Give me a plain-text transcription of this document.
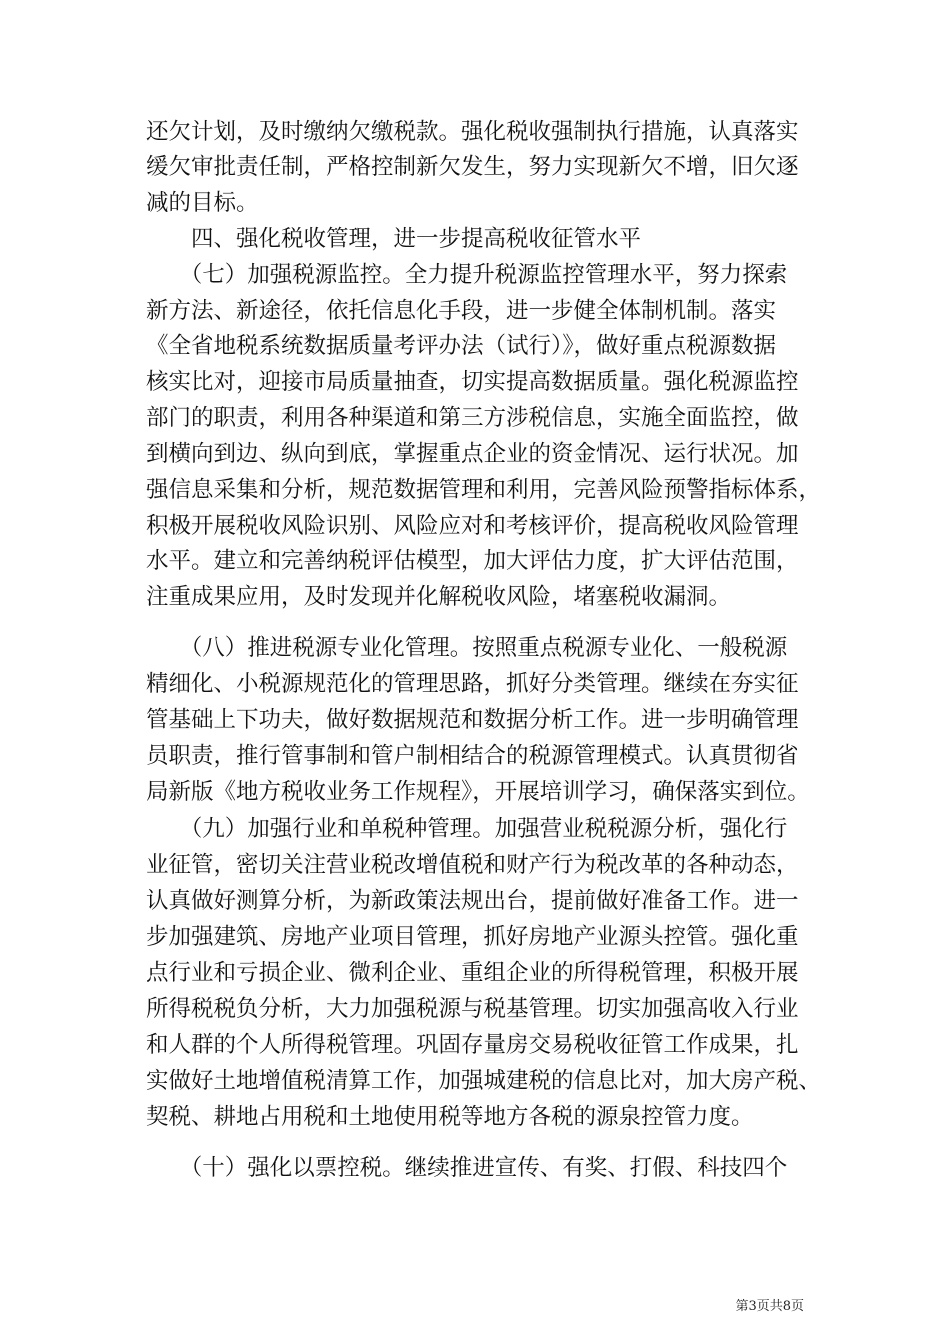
还欠计划，及时缴纳欠缴税款。强化税收强制执行措施，认真落实

缓欠审批责任制，严格控制新欠发生，努力实现新欠不增，旧欠逐

减的目标。

　　四、强化税收管理，进一步提高税收征管水平

　　（七）加强税源监控。全力提升税源监控管理水平，努力探索

新方法、新途径，依托信息化手段，进一步健全体制机制。落实

《全省地税系统数据质量考评办法（试行）》，做好重点税源数据

核实比对，迎接市局质量抽查，切实提高数据质量。强化税源监控

部门的职责，利用各种渠道和第三方涉税信息，实施全面监控，做

到横向到边、纵向到底，掌握重点企业的资金情况、运行状况。加

强信息采集和分析，规范数据管理和利用，完善风险预警指标体系，

积极开展税收风险识别、风险应对和考核评价，提高税收风险管理

水平。建立和完善纳税评估模型，加大评估力度，扩大评估范围，

注重成果应用，及时发现并化解税收风险，堵塞税收漏洞。

　　（八）推进税源专业化管理。按照重点税源专业化、一般税源

精细化、小税源规范化的管理思路，抓好分类管理。继续在夯实征

管基础上下功夫，做好数据规范和数据分析工作。进一步明确管理

员职责，推行管事制和管户制相结合的税源管理模式。认真贯彻省

局新版《地方税收业务工作规程》，开展培训学习，确保落实到位。

　　（九）加强行业和单税种管理。加强营业税税源分析，强化行

业征管，密切关注营业税改增值税和财产行为税改革的各种动态，

认真做好测算分析，为新政策法规出台，提前做好准备工作。进一

步加强建筑、房地产业项目管理，抓好房地产业源头控管。强化重

点行业和亏损企业、微利企业、重组企业的所得税管理，积极开展

所得税税负分析，大力加强税源与税基管理。切实加强高收入行业

和人群的个人所得税管理。巩固存量房交易税收征管工作成果，扎

实做好土地增值税清算工作，加强城建税的信息比对，加大房产税、

契税、耕地占用税和土地使用税等地方各税的源泉控管力度。

　　（十）强化以票控税。继续推进宣传、有奖、打假、科技四个

第3页共8页
